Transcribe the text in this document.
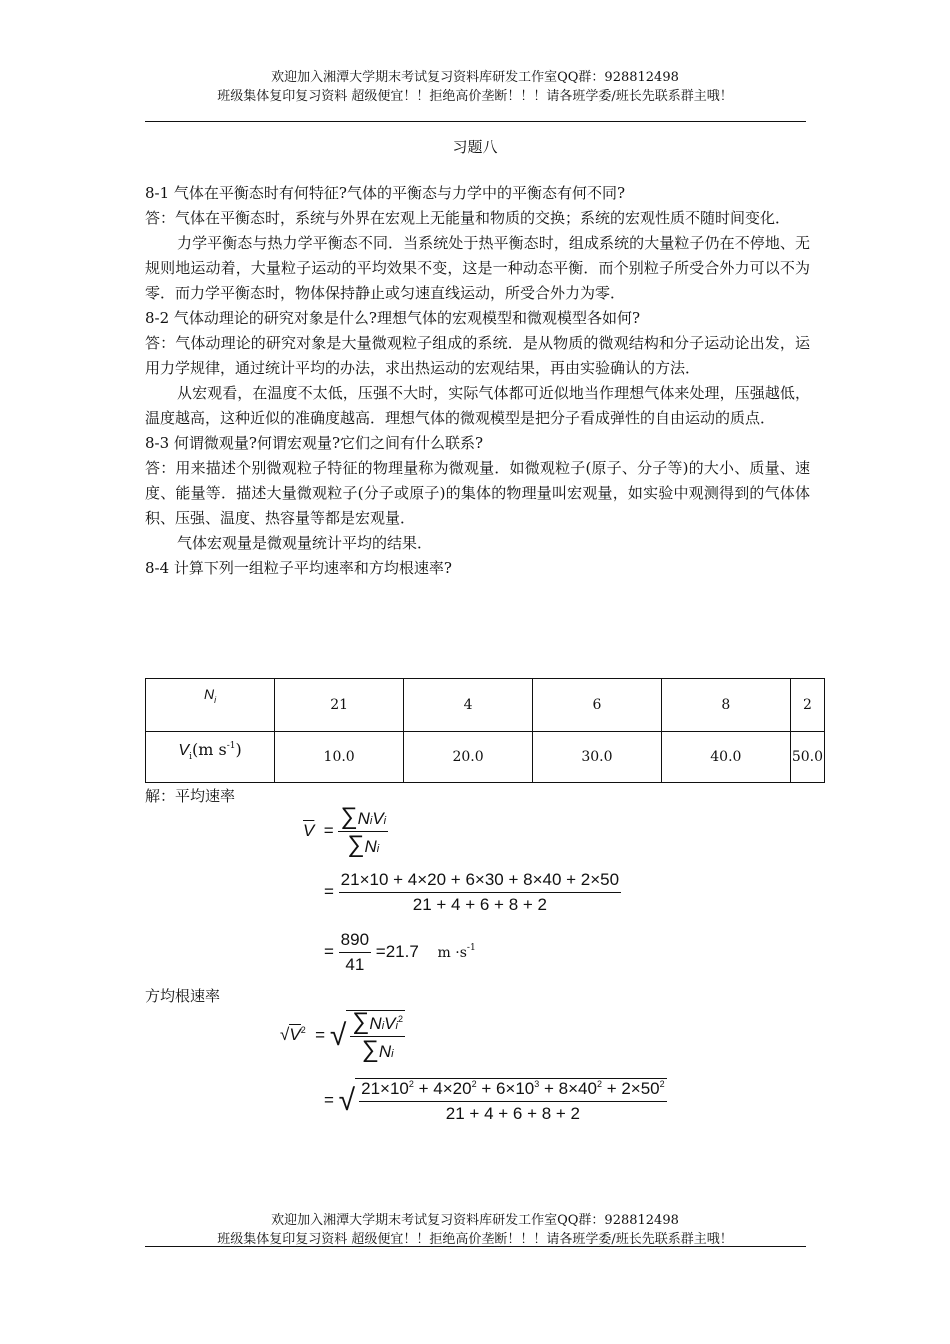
欢迎加入湘潭大学期末考试复习资料库研发工作室QQ群：928812498
班级集体复印复习资料 超级便宜！！拒绝高价垄断！！！请各班学委/班长先联系群主哦！
习题八

8-1 气体在平衡态时有何特征?气体的平衡态与力学中的平衡态有何不同?

答：气体在平衡态时，系统与外界在宏观上无能量和物质的交换；系统的宏观性质不随时间变化．

力学平衡态与热力学平衡态不同．当系统处于热平衡态时，组成系统的大量粒子仍在不停地、无规则地运动着，大量粒子运动的平均效果不变，这是一种动态平衡．而个别粒子所受合外力可以不为零．而力学平衡态时，物体保持静止或匀速直线运动，所受合外力为零．

8-2 气体动理论的研究对象是什么?理想气体的宏观模型和微观模型各如何?

答：气体动理论的研究对象是大量微观粒子组成的系统．是从物质的微观结构和分子运动论出发，运用力学规律，通过统计平均的办法，求出热运动的宏观结果，再由实验确认的方法．

从宏观看，在温度不太低，压强不大时，实际气体都可近似地当作理想气体来处理，压强越低，温度越高，这种近似的准确度越高．理想气体的微观模型是把分子看成弹性的自由运动的质点．

8-3 何谓微观量?何谓宏观量?它们之间有什么联系?

答：用来描述个别微观粒子特征的物理量称为微观量．如微观粒子(原子、分子等)的大小、质量、速度、能量等．描述大量微观粒子(分子或原子)的集体的物理量叫宏观量，如实验中观测得到的气体体积、压强、温度、热容量等都是宏观量．

气体宏观量是微观量统计平均的结果．

8-4 计算下列一组粒子平均速率和方均根速率?

$N_i$	21	4	6	8	2
$V_i(m$ $s^{-1}$)	10.0	20.0	30.0	40.0	50.0
解：平均速率
$\overline{V} = \frac{\text{∑NiVi}}{\sum Ni}$
= $\frac{21\times 10 + 4\times 20 + 6\times 30 + 8\times 40 + 2\times 50}{21 + 4 + 6 + 8 + 2}$
= $\frac{890}{41} =21.7$ $m \cdot s^{-1}$
方均根速率
$√V^2$  = √ $\frac{\sum NiVi^2}{\sum Ni}$
= √ $\frac{21\times 10^2 + 4\times 20^2 + 6\times 10^3 + 8\times 40^2 + 2\times 50^2}{21 + 4 + 6 + 8 + 2}$
欢迎加入湘潭大学期末考试复习资料库研发工作室QQ群：928812498
班级集体复印复习资料 超级便宜！！拒绝高价垄断！！！请各班学委/班长先联系群主哦！
